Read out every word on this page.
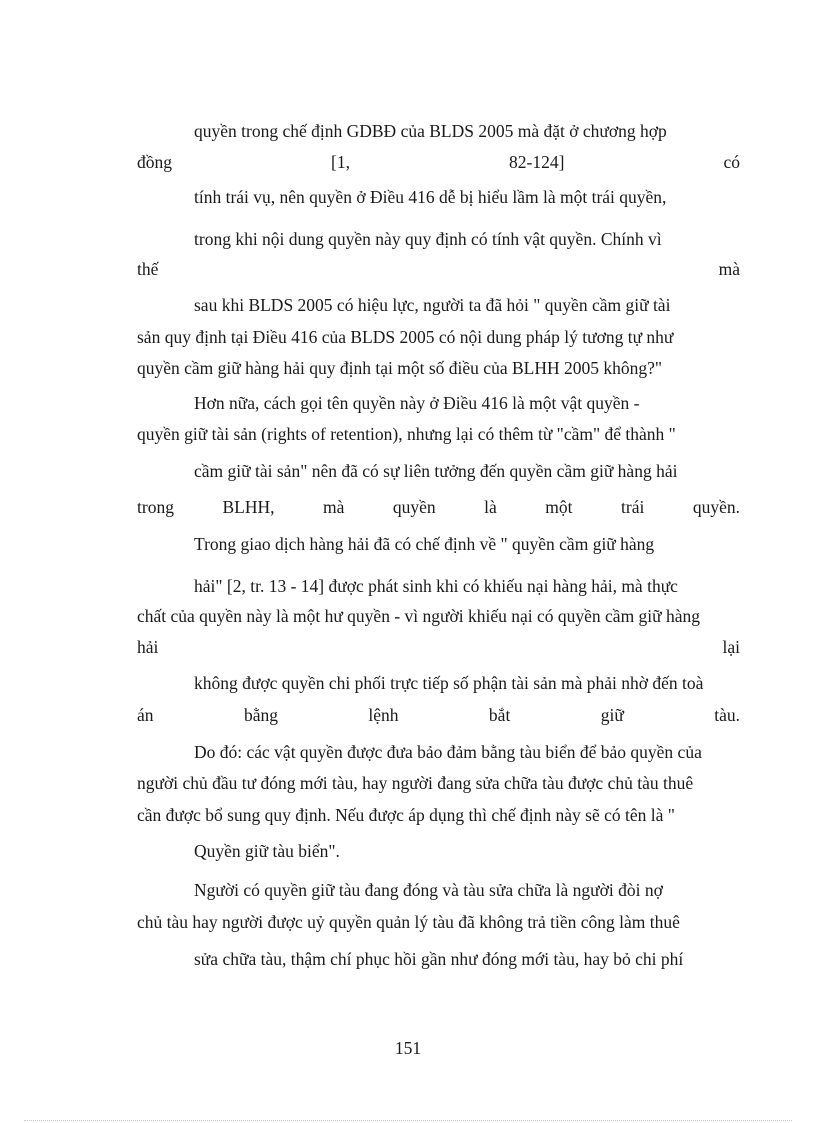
quyền trong chế định GDBĐ của BLDS 2005 mà đặt ở chương hợp
đồng	[1,	82-124]	có
tính trái vụ, nên quyền ở Điều 416 dễ bị hiểu lầm là một trái quyền,
trong khi nội dung quyền này quy định có tính vật quyền. Chính vì
thế	mà
sau khi BLDS 2005 có hiệu lực, người ta đã hỏi " quyền cầm giữ tài
sản quy định tại Điều 416 của BLDS 2005 có nội dung pháp lý tương tự như
quyền cầm giữ hàng hải quy định tại một số điều của BLHH 2005 không?"
Hơn nữa, cách gọi tên quyền này ở Điều 416 là một vật quyền -
quyền giữ tài sản (rights of retention), nhưng lại có thêm từ "cầm" để thành "
cầm giữ tài sản" nên đã có sự liên tưởng đến quyền cầm giữ hàng hải
trong	BLHH,	mà	quyền	là	một	trái	quyền.
Trong giao dịch hàng hải đã có chế định về " quyền cầm giữ hàng
hải" [2, tr. 13 - 14] được phát sinh khi có khiếu nại hàng hải, mà thực
chất của quyền này là một hư quyền - vì người khiếu nại có quyền cầm giữ hàng
hải	lại
không được quyền chi phối trực tiếp số phận tài sản mà phải nhờ đến toà
án	bằng	lệnh	bắt	giữ	tàu.
Do đó: các vật quyền được đưa bảo đảm bằng tàu biển để bảo quyền của
người chủ đầu tư đóng mới tàu, hay người đang sửa chữa tàu được chủ tàu thuê
cần được bổ sung quy định. Nếu được áp dụng thì chế định này sẽ có tên là "
Quyền giữ tàu biển".
Người có quyền giữ tàu đang đóng và tàu sửa chữa là người đòi nợ
chủ tàu hay người được uỷ quyền quản lý tàu đã không trả tiền công làm thuê
sửa chữa tàu, thậm chí phục hồi gần như đóng mới tàu, hay bỏ chi phí
151
